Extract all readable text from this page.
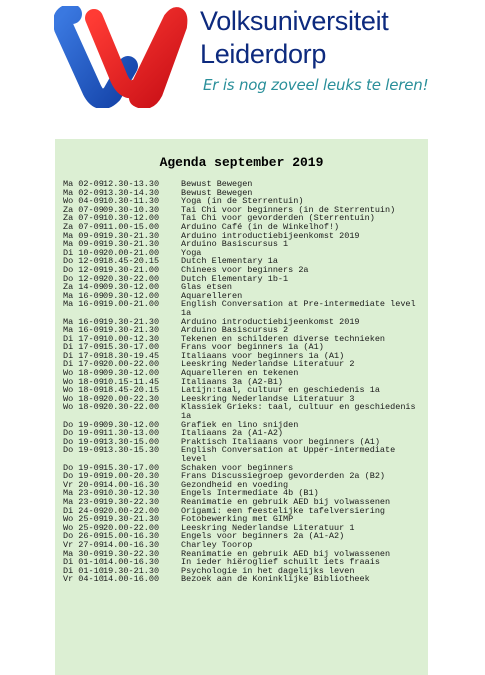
Volksuniversiteit
Leiderdorp
Er is nog zoveel leuks te leren!
Agenda september 2019
Ma 02-09 12.30-13.30	Bewust Bewegen
Ma 02-09 13.30-14.30	Bewust Bewegen
Wo 04-09 10.30-11.30	Yoga (in de Sterrentuin)
Za 07-09 09.30-10.30	Tai Chi voor beginners (in de Sterrentuin)
Za 07-09 10.30-12.00	Tai Chi voor gevorderden (Sterrentuin)
Za 07-09 11.00-15.00	Arduino Café (in de Winkelhof!)
Ma 09-09 19.30-21.30	Arduino introductiebijeenkomst 2019
Ma 09-09 19.30-21.30	Arduino Basiscursus 1
Di 10-09 20.00-21.00	Yoga
Do 12-09 18.45-20.15	Dutch Elementary 1a
Do 12-09 19.30-21.00	Chinees voor beginners 2a
Do 12-09 20.30-22.00	Dutch Elementary 1b-1
Za 14-09 09.30-12.00	Glas etsen
Ma 16-09 09.30-12.00	Aquarelleren
Ma 16-09 19.00-21.00	English Conversation at Pre-intermediate level 1a
Ma 16-09 19.30-21.30	Arduino introductiebijeenkomst 2019
Ma 16-09 19.30-21.30	Arduino Basiscursus 2
Di 17-09 10.00-12.30	Tekenen en schilderen diverse technieken
Di 17-09 15.30-17.00	Frans voor beginners 1a (A1)
Di 17-09 18.30-19.45	Italiaans voor beginners 1a (A1)
Di 17-09 20.00-22.00	Leeskring Nederlandse Literatuur 2
Wo 18-09 09.30-12.00	Aquarelleren en tekenen
Wo 18-09 10.15-11.45	Italiaans 3a (A2-B1)
Wo 18-09 18.45-20.15	Latijn:taal, cultuur en geschiedenis 1a
Wo 18-09 20.00-22.30	Leeskring Nederlandse Literatuur 3
Wo 18-09 20.30-22.00	Klassiek Grieks: taal, cultuur en geschiedenis 1a
Do 19-09 09.30-12.00	Grafiek en lino snijden
Do 19-09 11.30-13.00	Italiaans 2a (A1-A2)
Do 19-09 13.30-15.00	Praktisch Italiaans voor beginners (A1)
Do 19-09 13.30-15.30	English Conversation at Upper-intermediate level
Do 19-09 15.30-17.00	Schaken voor beginners
Do 19-09 19.00-20.30	Frans Discussiegroep gevorderden 2a (B2)
Vr 20-09 14.00-16.30	Gezondheid en voeding
Ma 23-09 10.30-12.30	Engels Intermediate 4b (B1)
Ma 23-09 19.30-22.30	Reanimatie en gebruik AED bij volwassenen
Di 24-09 20.00-22.00	Origami: een feestelijke tafelversiering
Wo 25-09 19.30-21.30	Fotobewerking met GIMP
Wo 25-09 20.00-22.00	Leeskring Nederlandse Literatuur 1
Do 26-09 15.00-16.30	Engels voor beginners 2a (A1-A2)
Vr 27-09 14.00-16.30	Charley Toorop
Ma 30-09 19.30-22.30	Reanimatie en gebruik AED bij volwassenen
Di 01-10 14.00-16.30	In ieder hiëroglief schuilt iets fraais
Di 01-10 19.30-21.30	Psychologie in het dagelijks leven
Vr 04-10 14.00-16.00	Bezoek aan de Koninklijke Bibliotheek
